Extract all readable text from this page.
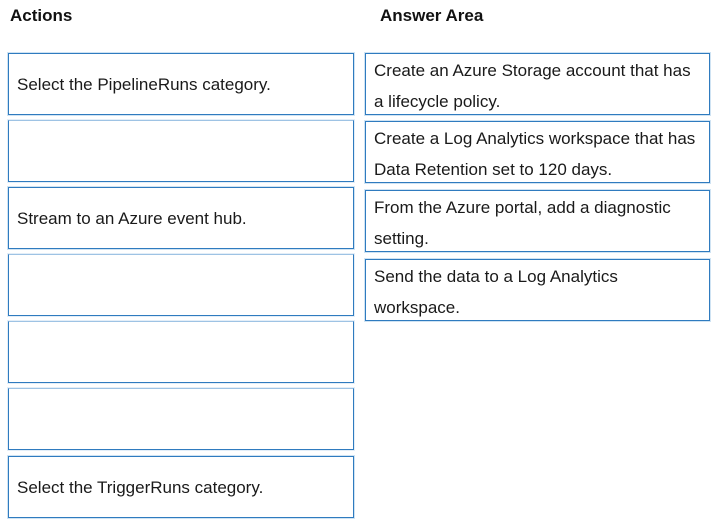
Actions	Answer Area
Select the PipelineRuns category.
Stream to an Azure event hub.
Select the TriggerRuns category.
Create an Azure Storage account that has a lifecycle policy.
Create a Log Analytics workspace that has Data Retention set to 120 days.
From the Azure portal, add a diagnostic setting.
Send the data to a Log Analytics workspace.
